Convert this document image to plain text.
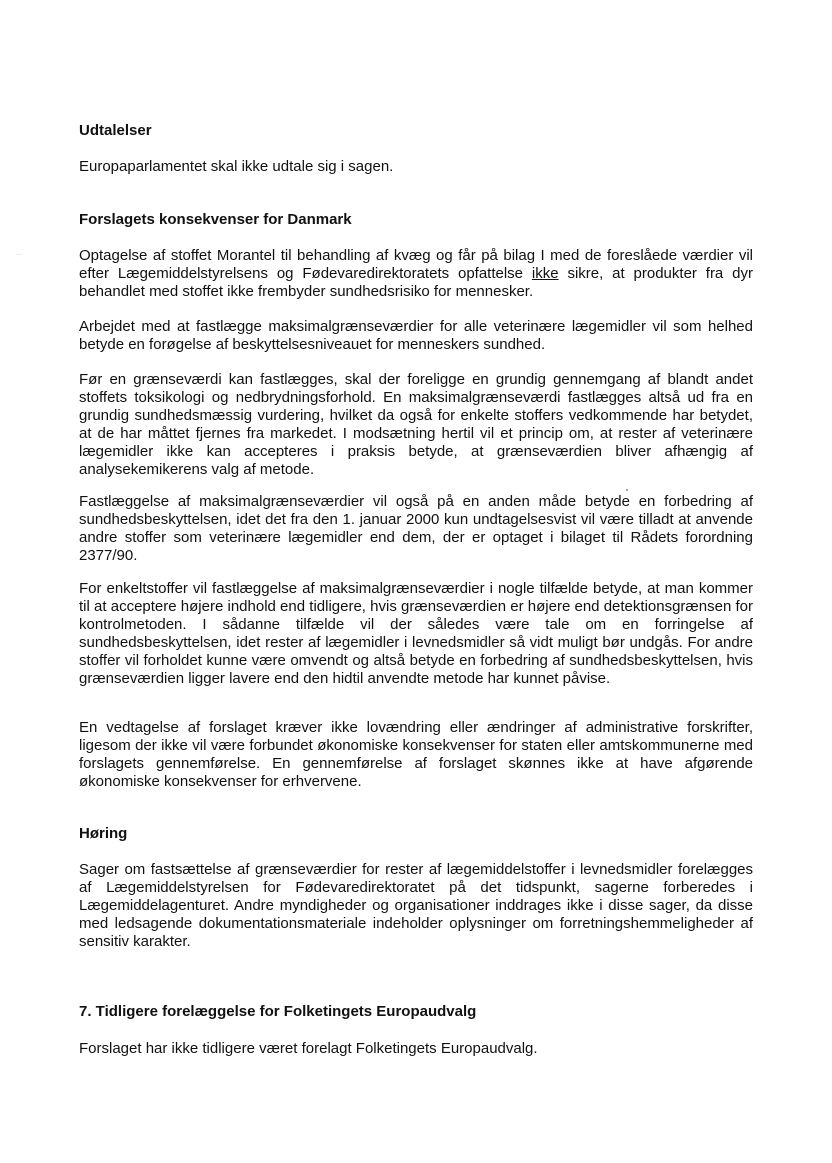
···
Udtalelser

Europaparlamentet skal ikke udtale sig i sagen.

Forslagets konsekvenser for Danmark

Optagelse af stoffet Morantel til behandling af kvæg og får på bilag I med de foreslåede værdier vil efter Lægemiddelstyrelsens og Fødevaredirektoratets opfattelse ikke sikre, at produkter fra dyr behandlet med stoffet ikke frembyder sundhedsrisiko for mennesker.

Arbejdet med at fastlægge maksimalgrænseværdier for alle veterinære lægemidler vil som helhed betyde en forøgelse af beskyttelsesniveauet for menneskers sundhed.

Før en grænseværdi kan fastlægges, skal der foreligge en grundig gennemgang af blandt andet stoffets toksikologi og nedbrydningsforhold. En maksimalgrænseværdi fastlægges altså ud fra en grundig sundhedsmæssig vurdering, hvilket da også for enkelte stoffers vedkommende har betydet, at de har måttet fjernes fra markedet. I modsætning hertil vil et princip om, at rester af veterinære lægemidler ikke kan accepteres i praksis betyde, at grænseværdien bliver afhængig af analysekemikerens valg af metode.

Fastlæggelse af maksimalgrænseværdier vil også på en anden måde betyde en forbedring af sundhedsbeskyttelsen, idet det fra den 1. januar 2000 kun undtagelsesvist vil være tilladt at anvende andre stoffer som veterinære lægemidler end dem, der er optaget i bilaget til Rådets forordning 2377/90.

For enkeltstoffer vil fastlæggelse af maksimalgrænseværdier i nogle tilfælde betyde, at man kommer til at acceptere højere indhold end tidligere, hvis grænseværdien er højere end detektionsgrænsen for kontrolmetoden. I sådanne tilfælde vil der således være tale om en forringelse af sundhedsbeskyttelsen, idet rester af lægemidler i levnedsmidler så vidt muligt bør undgås. For andre stoffer vil forholdet kunne være omvendt og altså betyde en forbedring af sundhedsbeskyttelsen, hvis grænseværdien ligger lavere end den hidtil anvendte metode har kunnet påvise.

En vedtagelse af forslaget kræver ikke lovændring eller ændringer af administrative forskrifter, ligesom der ikke vil være forbundet økonomiske konsekvenser for staten eller amtskommunerne med forslagets gennemførelse. En gennemførelse af forslaget skønnes ikke at have afgørende økonomiske konsekvenser for erhvervene.

Høring

Sager om fastsættelse af grænseværdier for rester af lægemiddelstoffer i levnedsmidler forelægges af Lægemiddelstyrelsen for Fødevaredirektoratet på det tidspunkt, sagerne forberedes i Lægemiddelagenturet. Andre myndigheder og organisationer inddrages ikke i disse sager, da disse med ledsagende dokumentationsmateriale indeholder oplysninger om forretningshemmeligheder af sensitiv karakter.

7. Tidligere forelæggelse for Folketingets Europaudvalg

Forslaget har ikke tidligere været forelagt Folketingets Europaudvalg.
